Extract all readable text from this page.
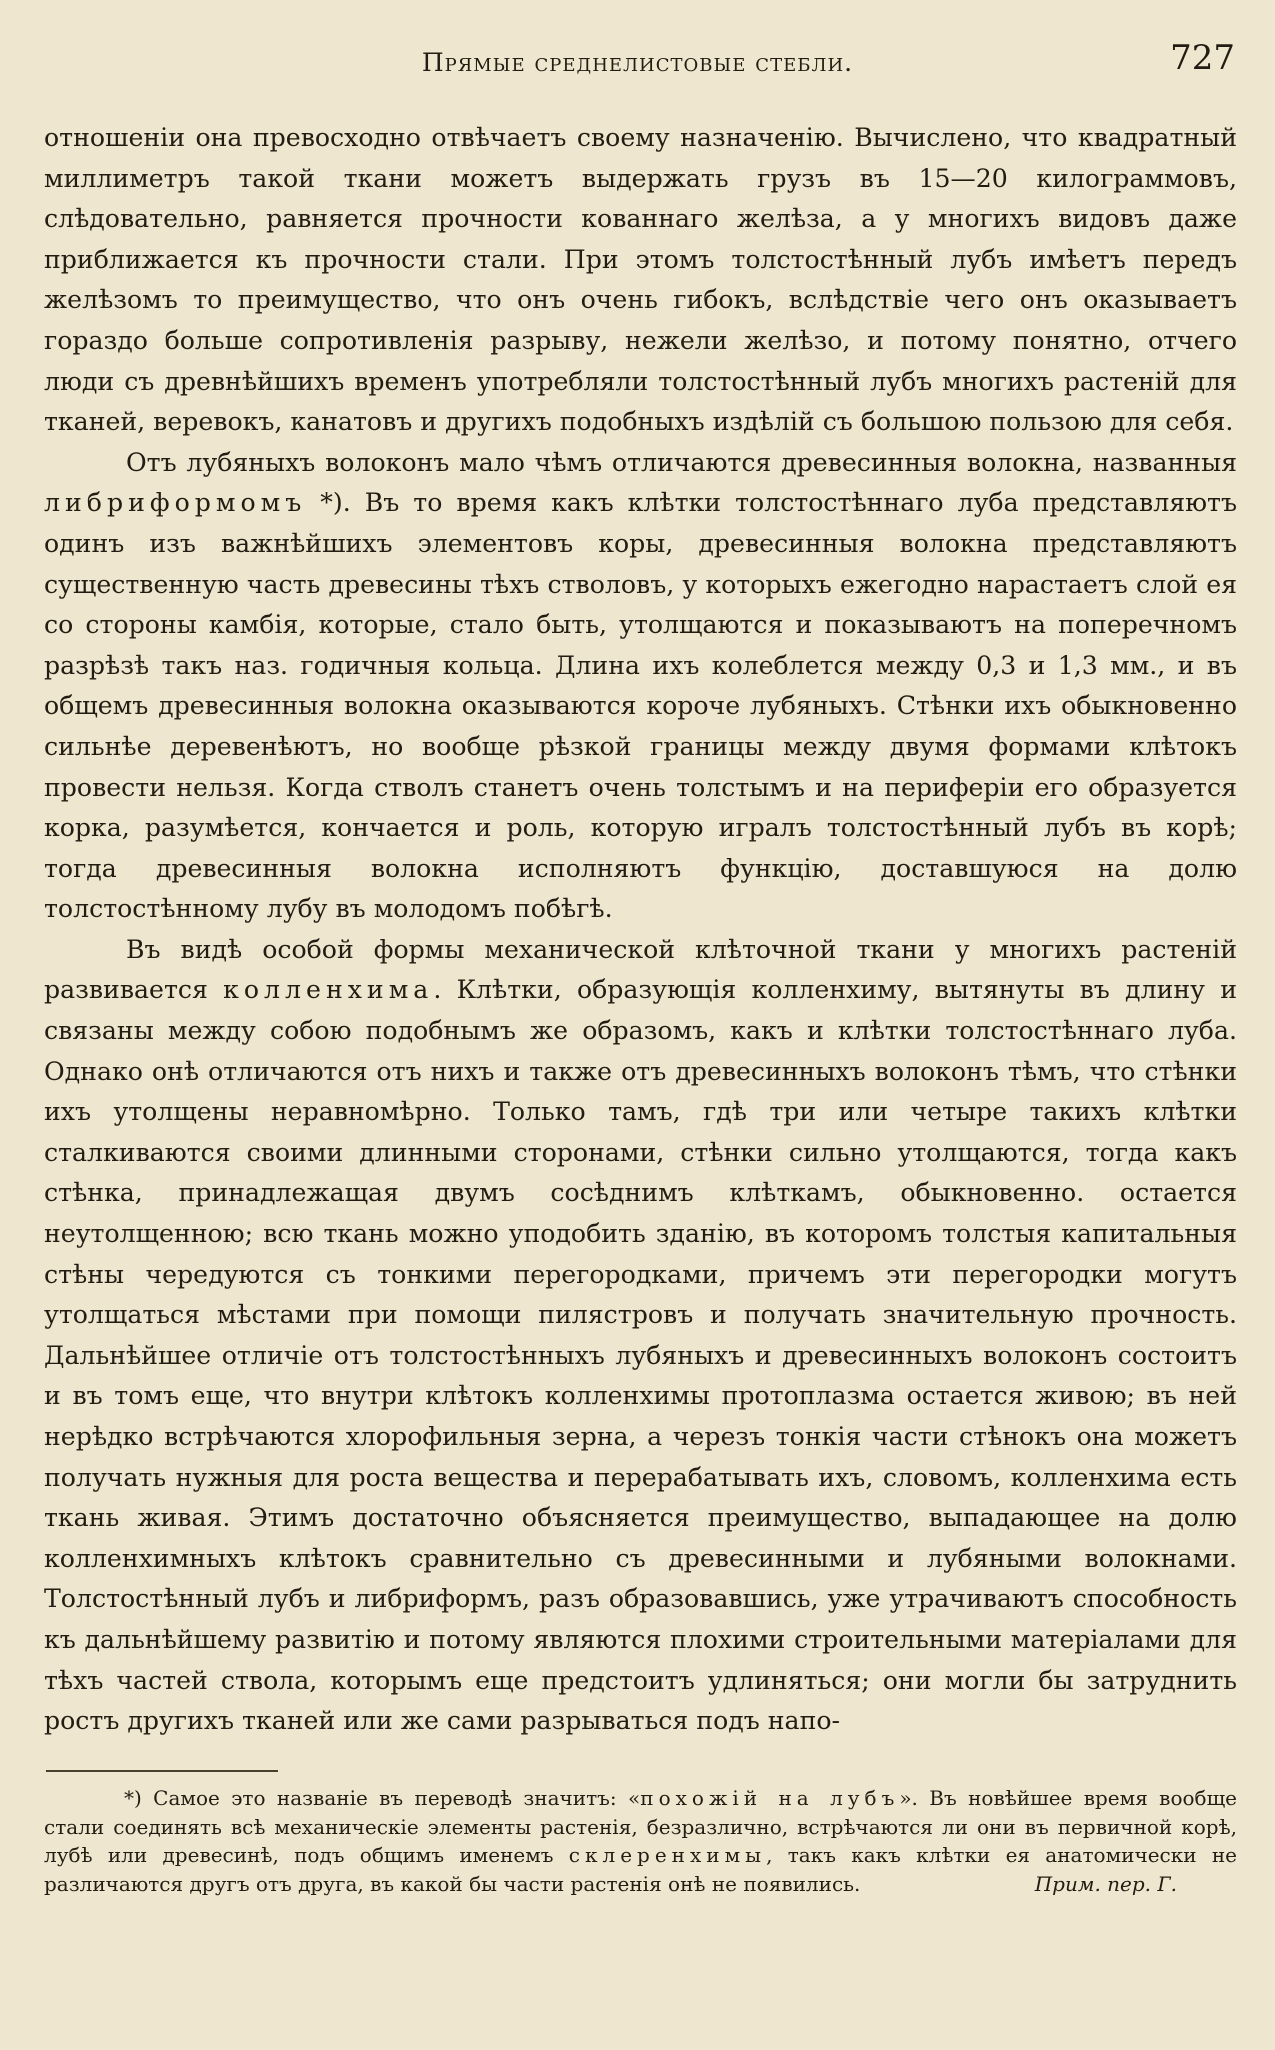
Прямые среднелистовые стебли.	727

отношеніи она превосходно отвѣчаетъ своему назначенію. Вычислено, что квадратный миллиметръ такой ткани можетъ выдержать грузъ въ 15—20 килограммовъ, слѣдовательно, равняется прочности кованнаго желѣза, а у многихъ видовъ даже приближается къ прочности стали. При этомъ толстостѣнный лубъ имѣетъ передъ желѣзомъ то преимущество, что онъ очень гибокъ, вслѣдствіе чего онъ оказываетъ гораздо больше сопротивленія разрыву, нежели желѣзо, и потому понятно, отчего люди съ древнѣйшихъ временъ употребляли толстостѣнный лубъ многихъ растеній для тканей, веревокъ, канатовъ и другихъ подобныхъ издѣлій съ большою пользою для себя.

Отъ лубяныхъ волоконъ мало чѣмъ отличаются древесинныя волокна, названныя либриформомъ *). Въ то время какъ клѣтки толстостѣннаго луба представляютъ одинъ изъ важнѣйшихъ элементовъ коры, древесинныя волокна представляютъ существенную часть древесины тѣхъ стволовъ, у которыхъ ежегодно нарастаетъ слой ея со стороны камбія, которые, стало быть, утолщаются и показываютъ на поперечномъ разрѣзѣ такъ наз. годичныя кольца. Длина ихъ колеблется между 0,3 и 1,3 мм., и въ общемъ древесинныя волокна оказываются короче лубяныхъ. Стѣнки ихъ обыкновенно сильнѣе деревенѣютъ, но вообще рѣзкой границы между двумя формами клѣтокъ провести нельзя. Когда стволъ станетъ очень толстымъ и на периферіи его образуется корка, разумѣется, кончается и роль, которую игралъ толстостѣнный лубъ въ корѣ; тогда древесинныя волокна исполняютъ функцію, доставшуюся на долю толстостѣнному лубу въ молодомъ побѣгѣ.

Въ видѣ особой формы механической клѣточной ткани у многихъ растеній развивается колленхима. Клѣтки, образующія колленхиму, вытянуты въ длину и связаны между собою подобнымъ же образомъ, какъ и клѣтки толстостѣннаго луба. Однако онѣ отличаются отъ нихъ и также отъ древесинныхъ волоконъ тѣмъ, что стѣнки ихъ утолщены неравномѣрно. Только тамъ, гдѣ три или четыре такихъ клѣтки сталкиваются своими длинными сторонами, стѣнки сильно утолщаются, тогда какъ стѣнка, принадлежащая двумъ сосѣднимъ клѣткамъ, обыкновенно. остается неутолщенною; всю ткань можно уподобить зданію, въ которомъ толстыя капитальныя стѣны чередуются съ тонкими перегородками, причемъ эти перегородки могутъ утолщаться мѣстами при помощи пилястровъ и получать значительную прочность. Дальнѣйшее отличіе отъ толстостѣнныхъ лубяныхъ и древесинныхъ волоконъ состоитъ и въ томъ еще, что внутри клѣтокъ колленхимы протоплазма остается живою; въ ней нерѣдко встрѣчаются хлорофильныя зерна, а черезъ тонкія части стѣнокъ она можетъ получать нужныя для роста вещества и перерабатывать ихъ, словомъ, колленхима есть ткань живая. Этимъ достаточно объясняется преимущество, выпадающее на долю колленхимныхъ клѣтокъ сравнительно съ древесинными и лубяными волокнами. Толстостѣнный лубъ и либриформъ, разъ образовавшись, уже утрачиваютъ способность къ дальнѣйшему развитію и потому являются плохими строительными матеріалами для тѣхъ частей ствола, которымъ еще предстоитъ удлиняться; они могли бы затруднить ростъ другихъ тканей или же сами разрываться подъ напо-

*) Самое это названіе въ переводѣ значитъ: «похожій на лубъ». Въ новѣйшее время вообще стали соединять всѣ механическіе элементы растенія, безразлично, встрѣчаются ли они въ первичной корѣ, лубѣ или древесинѣ, подъ общимъ именемъ склеренхимы, такъ какъ клѣтки ея анатомически не различаются другъ отъ друга, въ какой бы части растенія онѣ не появились.	Прим. пер. Г.
